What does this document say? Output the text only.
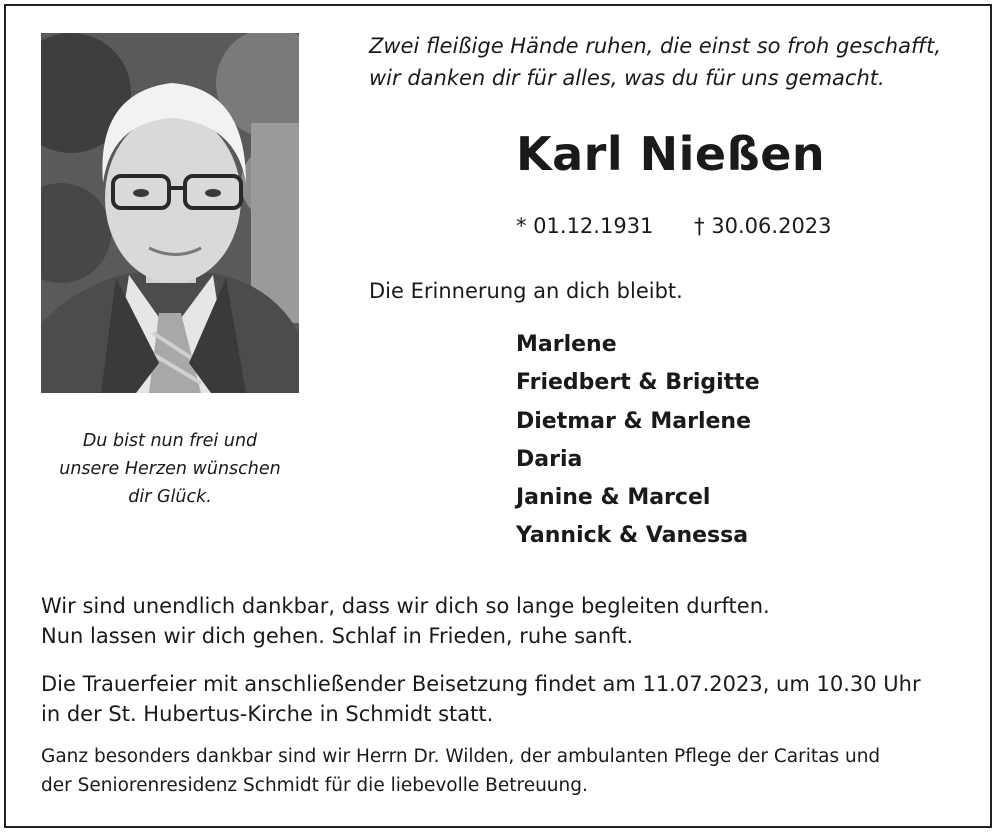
Du bist nun frei und
unsere Herzen wünschen
dir Glück.
Zwei fleißige Hände ruhen, die einst so froh geschafft,
wir danken dir für alles, was du für uns gemacht.
Karl Nießen
* 01.12.1931 † 30.06.2023
Die Erinnerung an dich bleibt.
Marlene
Friedbert & Brigitte
Dietmar & Marlene
Daria
Janine & Marcel
Yannick & Vanessa
Wir sind unendlich dankbar, dass wir dich so lange begleiten durften.
Nun lassen wir dich gehen. Schlaf in Frieden, ruhe sanft.
Die Trauerfeier mit anschließender Beisetzung findet am 11.07.2023, um 10.30 Uhr
in der St. Hubertus-Kirche in Schmidt statt.
Ganz besonders dankbar sind wir Herrn Dr. Wilden, der ambulanten Pflege der Caritas und
der Seniorenresidenz Schmidt für die liebevolle Betreuung.
